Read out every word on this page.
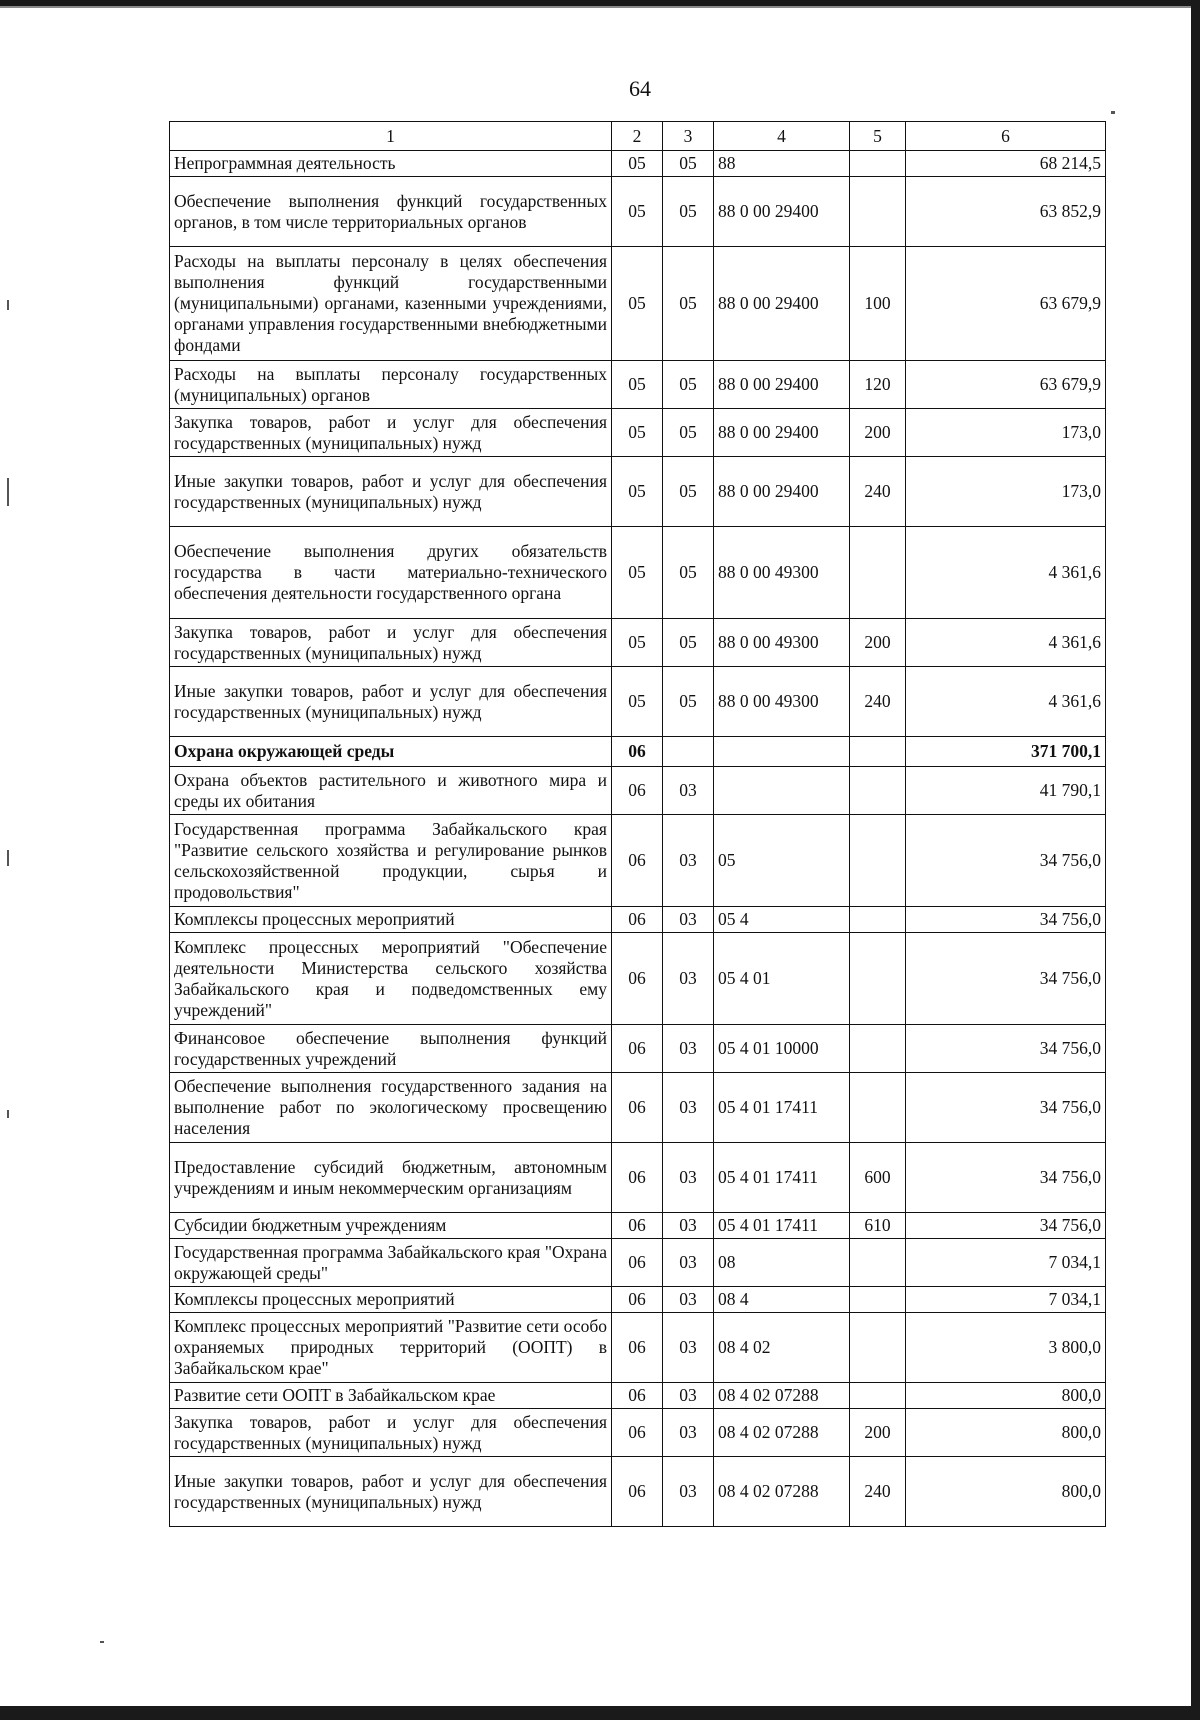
64
1	2	3	4	5	6
Непрограммная деятельность	05	05	88		68 214,5
Обеспечение выполнения функций государственных органов, в том числе территориальных органов	05	05	88 0 00 29400		63 852,9
Расходы на выплаты персоналу в целях обеспечения выполнения функций государственными (муниципальными) органами, казенными учреждениями, органами управления государственными внебюджетными фондами	05	05	88 0 00 29400	100	63 679,9
Расходы на выплаты персоналу государственных (муниципальных) органов	05	05	88 0 00 29400	120	63 679,9
Закупка товаров, работ и услуг для обеспечения государственных (муниципальных) нужд	05	05	88 0 00 29400	200	173,0
Иные закупки товаров, работ и услуг для обеспечения государственных (муниципальных) нужд	05	05	88 0 00 29400	240	173,0
Обеспечение выполнения других обязательств государства в части материально-технического обеспечения деятельности государственного органа	05	05	88 0 00 49300		4 361,6
Закупка товаров, работ и услуг для обеспечения государственных (муниципальных) нужд	05	05	88 0 00 49300	200	4 361,6
Иные закупки товаров, работ и услуг для обеспечения государственных (муниципальных) нужд	05	05	88 0 00 49300	240	4 361,6
Охрана окружающей среды	06				371 700,1
Охрана объектов растительного и животного мира и среды их обитания	06	03			41 790,1
Государственная программа Забайкальского края "Развитие сельского хозяйства и регулирование рынков сельскохозяйственной продукции, сырья и продовольствия"	06	03	05		34 756,0
Комплексы процессных мероприятий	06	03	05 4		34 756,0
Комплекс процессных мероприятий "Обеспечение деятельности Министерства сельского хозяйства Забайкальского края и подведомственных ему учреждений"	06	03	05 4 01		34 756,0
Финансовое обеспечение выполнения функций государственных учреждений	06	03	05 4 01 10000		34 756,0
Обеспечение выполнения государственного задания на выполнение работ по экологическому просвещению населения	06	03	05 4 01 17411		34 756,0
Предоставление субсидий бюджетным, автономным учреждениям и иным некоммерческим организациям	06	03	05 4 01 17411	600	34 756,0
Субсидии бюджетным учреждениям	06	03	05 4 01 17411	610	34 756,0
Государственная программа Забайкальского края "Охрана окружающей среды"	06	03	08		7 034,1
Комплексы процессных мероприятий	06	03	08 4		7 034,1
Комплекс процессных мероприятий "Развитие сети особо охраняемых природных территорий (ООПТ) в Забайкальском крае"	06	03	08 4 02		3 800,0
Развитие сети ООПТ в Забайкальском крае	06	03	08 4 02 07288		800,0
Закупка товаров, работ и услуг для обеспечения государственных (муниципальных) нужд	06	03	08 4 02 07288	200	800,0
Иные закупки товаров, работ и услуг для обеспечения государственных (муниципальных) нужд	06	03	08 4 02 07288	240	800,0
